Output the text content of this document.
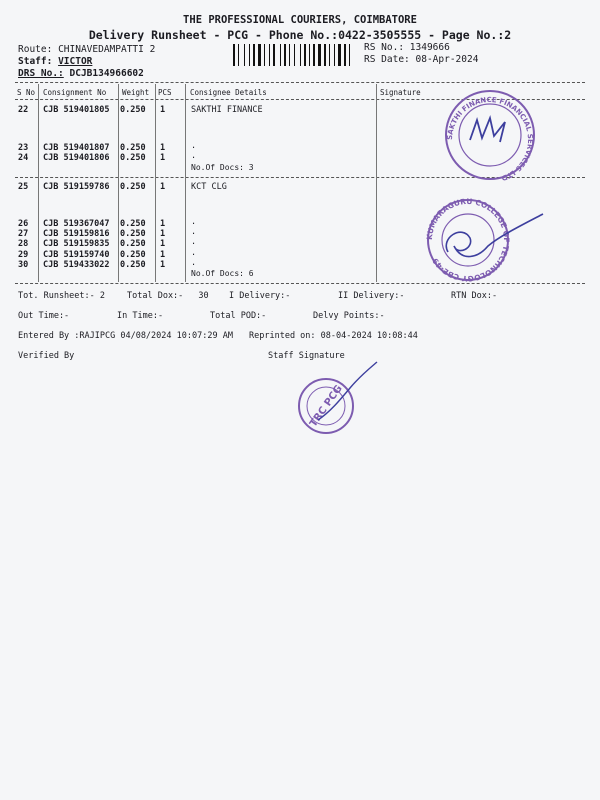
THE PROFESSIONAL COURIERS, COIMBATORE
Delivery Runsheet - PCG - Phone No.:0422-3505555 - Page No.:2
Route: CHINAVEDAMPATTI 2
Staff: VICTOR
DRS No.: DCJB134966602
RS No.: 1349666
RS Date: 08-Apr-2024
S No Consignment No Weight PCS Consignee Details	Signature
22 CJB 519401805 0.250 1	SAKTHI FINANCE
23 CJB 519401807 0.250 1	.
24 CJB 519401806 0.250 1	.
No.Of Docs: 3
25 CJB 519159786 0.250 1	KCT CLG
26 CJB 519367047 0.250 1	.
27 CJB 519159816 0.250 1	.
28 CJB 519159835 0.250 1	.
29 CJB 519159740 0.250 1	.
30 CJB 519433022 0.250 1	.
No.Of Docs: 6
SAKTHI FINANCE FINANCIAL SERVICES LTD
KUMARAGURU COLLEGE OF TECHNOLOGY CBE-49
TRC PCG
Tot. Runsheet:- 2	Total Dox:- 30 I Delivery:-	II Delivery:-	RTN Dox:-
Out Time:-	In Time:-	Total POD:-	Delvy Points:-
Entered By :RAJIPCG 04/08/2024 10:07:29 AM Reprinted on: 08-04-2024 10:08:44
Verified By	Staff Signature
